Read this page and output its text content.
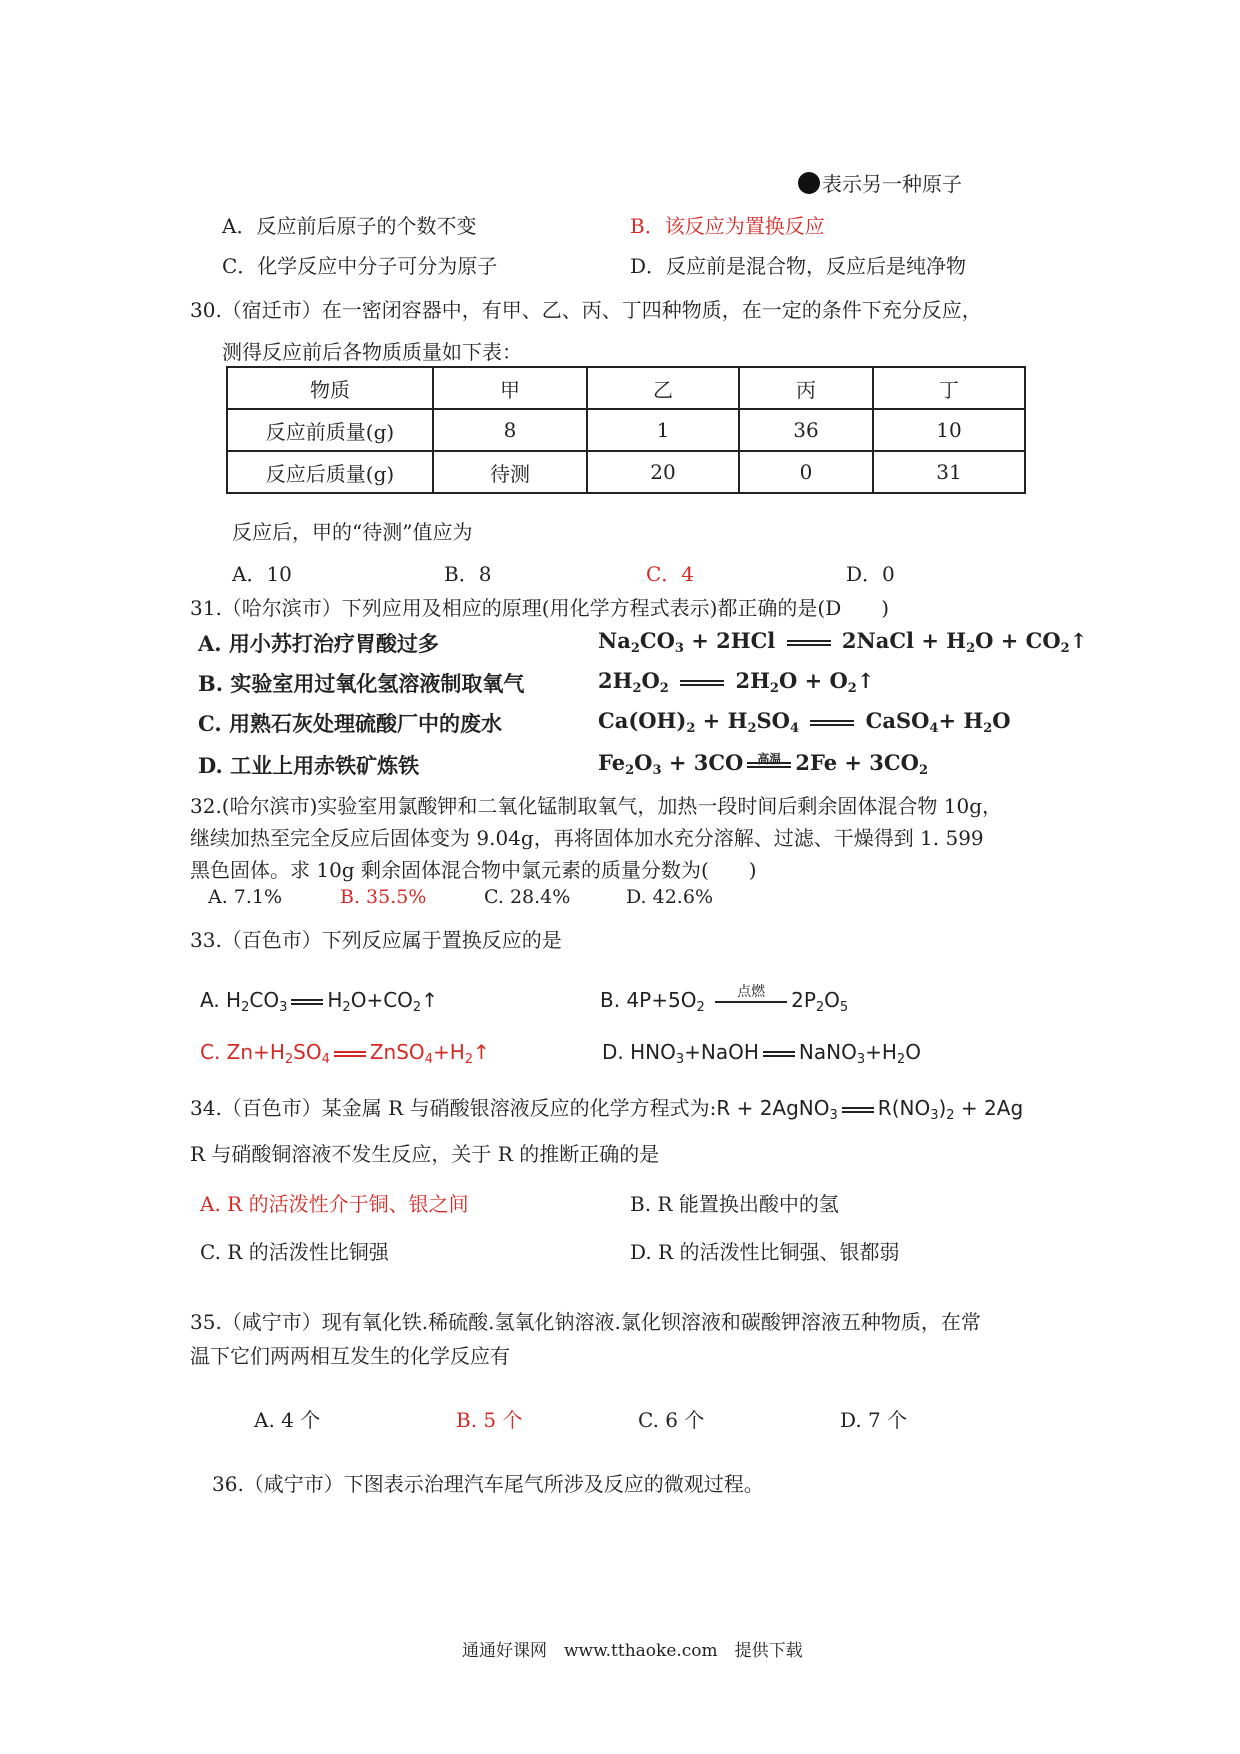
表示另一种原子
A．反应前后原子的个数不变	B．该反应为置换反应
C．化学反应中分子可分为原子	D．反应前是混合物，反应后是纯净物
30.（宿迁市）在一密闭容器中，有甲、乙、丙、丁四种物质，在一定的条件下充分反应，
测得反应前后各物质质量如下表：
物质	甲	乙	丙	丁
反应前质量(g)	8	1	36	10
反应后质量(g)	待测	20	0	31
反应后，甲的“待测”值应为
A．10	B．8	C．4	D．0
31.（哈尔滨市）下列应用及相应的原理(用化学方程式表示)都正确的是(D　　)
A. 用小苏打治疗胃酸过多	$Na_2CO_3 + 2HCl$  2NaCl + $H_2O$ + $CO_2↑$
B. 实验室用过氧化氢溶液制取氧气	$2H_2O_2$	$2H_2O$ + $O_2↑$
C. 用熟石灰处理硫酸厂中的废水	$Ca(OH)_2 + H_2SO_4$	CaSO$_4$+ $H_2O$
D. 工业上用赤铁矿炼铁	$Fe_2O_3 + 3CO$	高温 $2Fe + 3CO_2$
32.(哈尔滨市)实验室用氯酸钾和二氧化锰制取氧气，加热一段时间后剩余固体混合物 10g，
继续加热至完全反应后固体变为 9.04g，再将固体加水充分溶解、过滤、干燥得到 1. 599
黑色固体。求 10g 剩余固体混合物中氯元素的质量分数为(　　)
A. 7.1%	B. 35.5%	C. 28.4%	D. 42.6%
33.（百色市）下列反应属于置换反应的是
A. $H_2CO_3$ $H_2O+CO_2↑$	B. $4P+5O_2$
点燃	$2P_2O_5$
C. $Zn+H_2SO_4$ $ZnSO_4+H_2↑$	D. $HNO_3+NaOH$ $NaNO_3+H_2O$
34.（百色市）某金属 R 与硝酸银溶液反应的化学方程式为:R + 2AgNO$_3$ $R(NO_3)_2 + 2Ag$
R 与硝酸铜溶液不发生反应，关于 R 的推断正确的是
A. R 的活泼性介于铜、银之间	B. R 能置换出酸中的氢
C. R 的活泼性比铜强	D. R 的活泼性比铜强、银都弱
35.（咸宁市）现有氧化铁.稀硫酸.氢氧化钠溶液.氯化钡溶液和碳酸钾溶液五种物质，在常
温下它们两两相互发生的化学反应有
A. 4 个	B. 5 个	C. 6 个	D. 7 个
36.（咸宁市）下图表示治理汽车尾气所涉及反应的微观过程。
通通好课网　www.tthaoke.com　提供下载
